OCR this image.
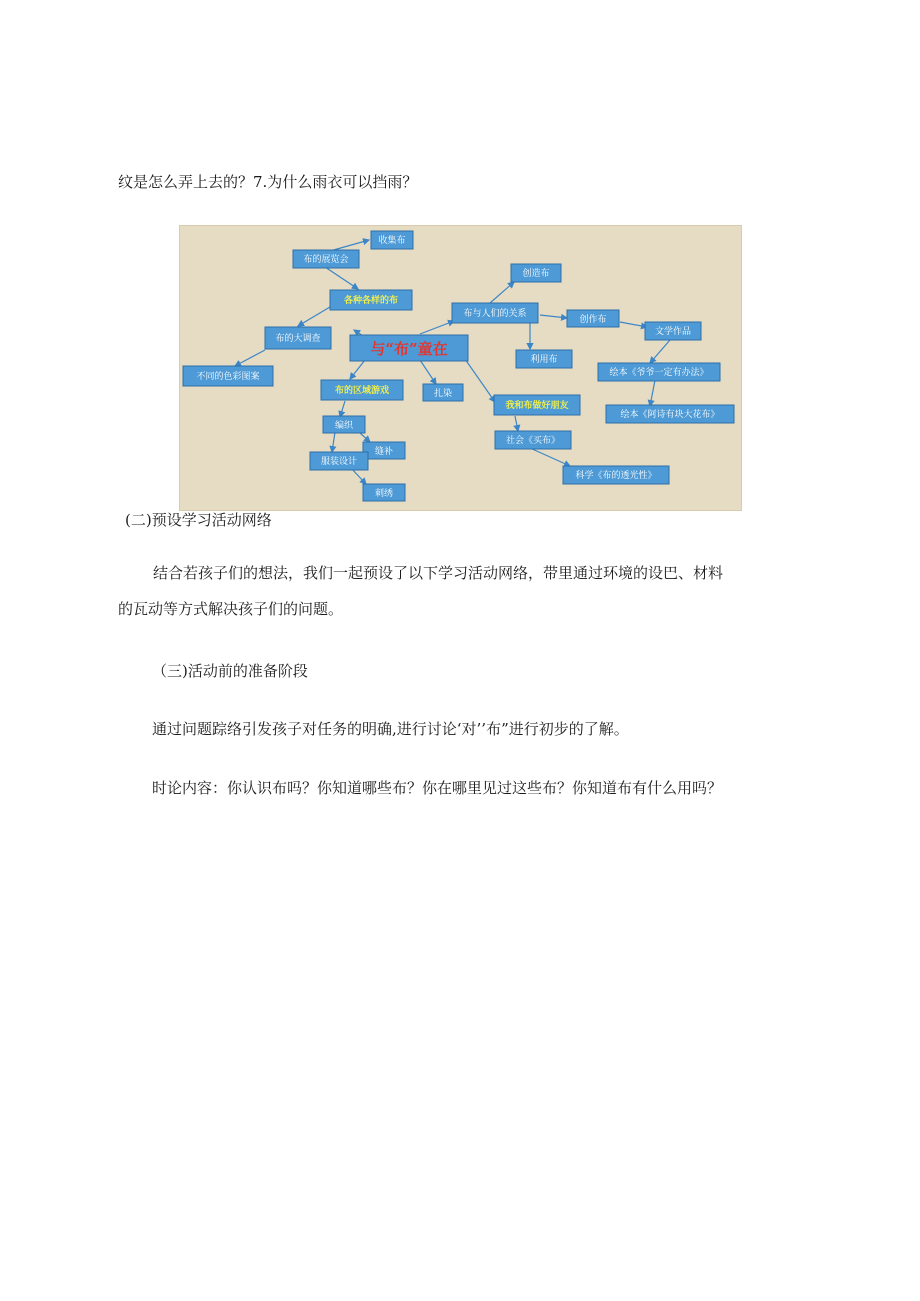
纹是怎么弄上去的？7.为什么雨衣可以挡雨？
收集布
布的展览会
各种各样的布
布的大调查
不同的色彩图案
与“布”童在
布的区域游戏
编织
缝补
服装设计
刺绣
扎染
布与人们的关系
创造布
创作布
文学作品
利用布
绘本《爷爷一定有办法》
绘本《阿诗有块大花布》
我和布做好朋友
社会《买布》
科学《布的透光性》
(二)预设学习活动网络
结合若孩子们的想法，我们一起预设了以下学习活动网络，带里通过环境的设巴、材料
的瓦动等方式解决孩子们的问题。
（三)活动前的准备阶段
通过问题踪络引发孩子对任务的明确,进行讨论‘对’’布”进行初步的了解。
时论内容：你认识布吗？你知道哪些布？你在哪里见过这些布？你知道布有什么用吗？
